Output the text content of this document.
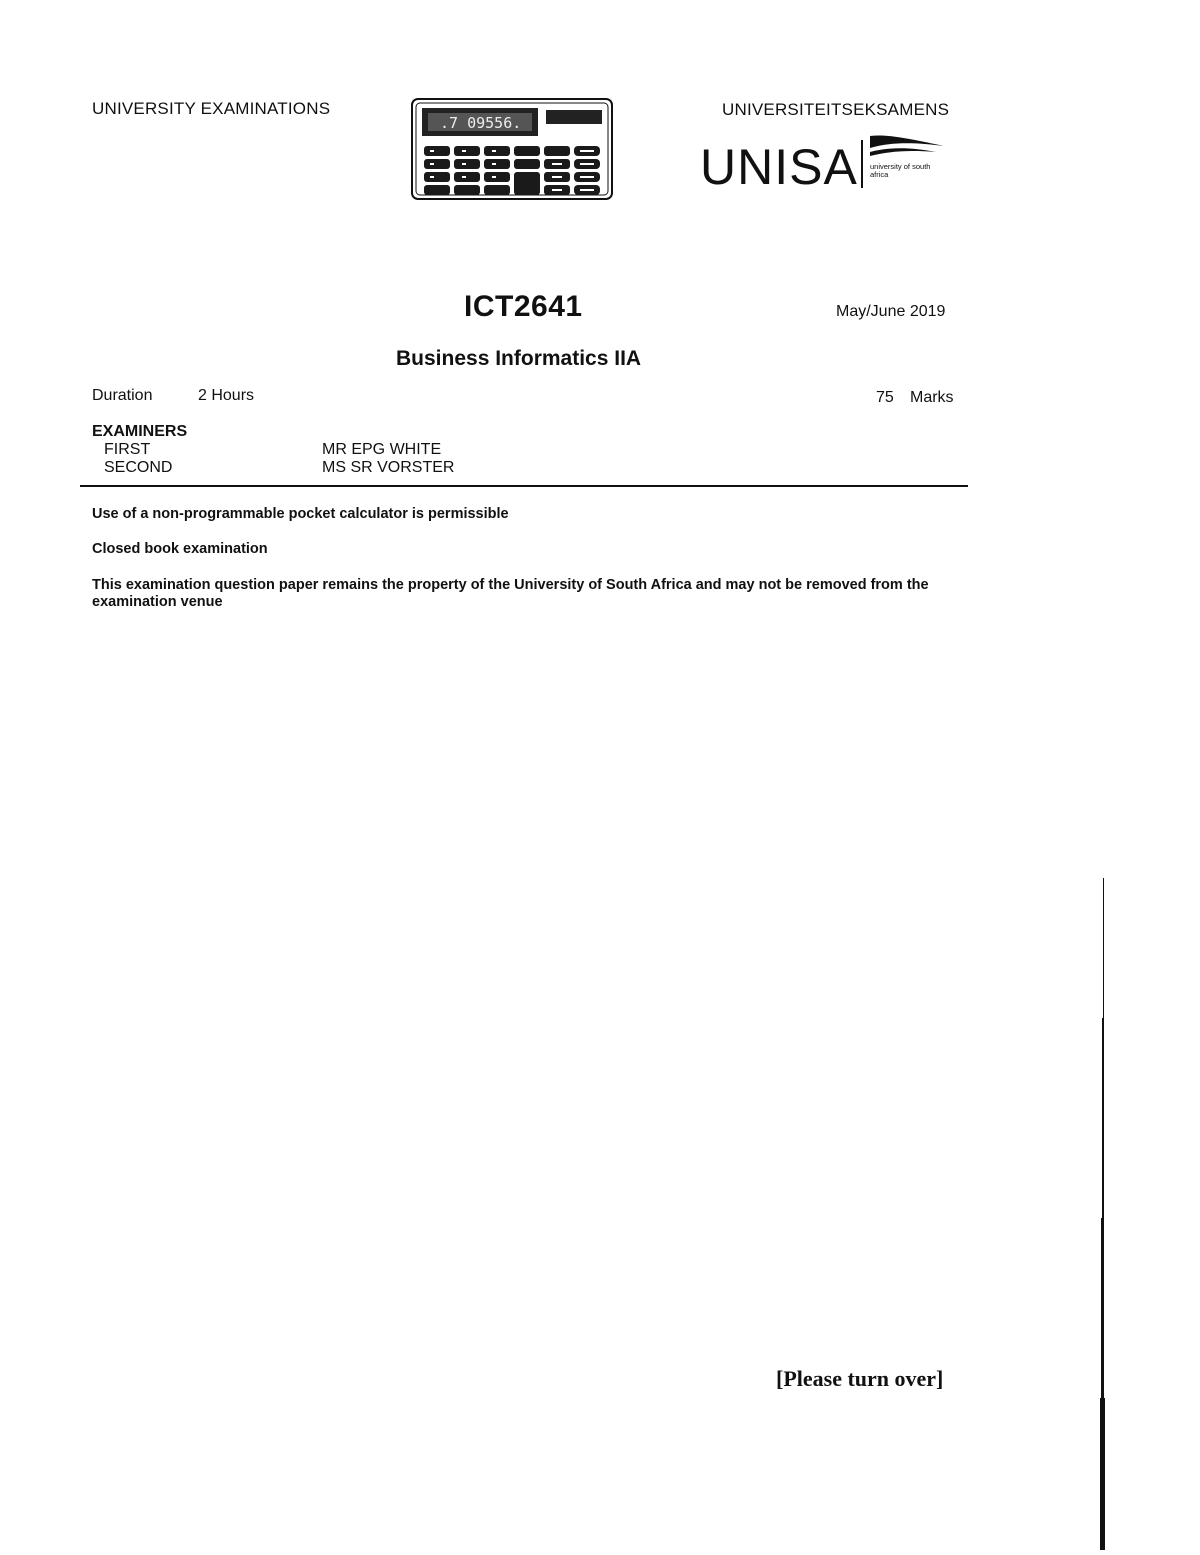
UNIVERSITY EXAMINATIONS
.7 09556.
UNIVERSITEITSEKSAMENS
UNISA university of south africa
ICT2641	May/June 2019
Business Informatics IIA
Duration	2 Hours	75 Marks
EXAMINERS
FIRST	MR EPG WHITE
SECOND	MS SR VORSTER
Use of a non-programmable pocket calculator is permissible
Closed book examination
This examination question paper remains the property of the University of South Africa and may not be removed from the examination venue
[Please turn over]
